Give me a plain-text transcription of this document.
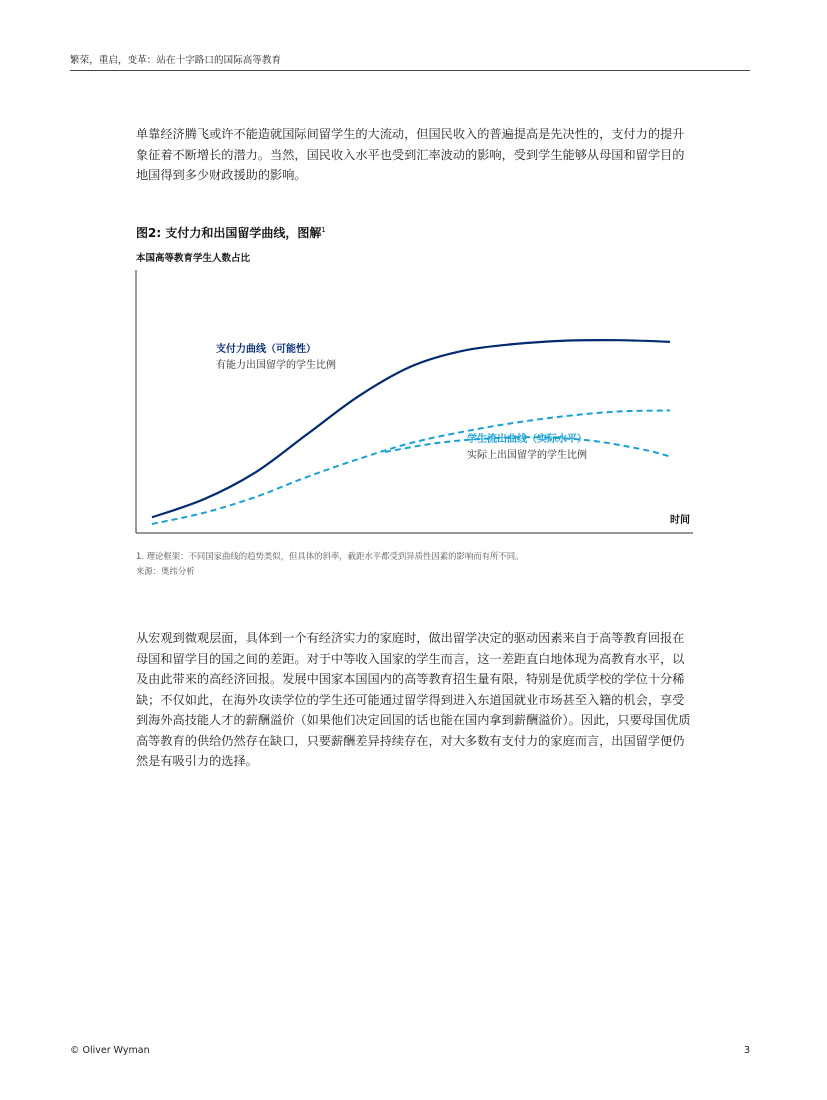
繁荣，重启，变革：站在十字路口的国际高等教育

单靠经济腾飞或许不能造就国际间留学生的大流动，但国民收入的普遍提高是先决性的，支付力的提升象征着不断增长的潜力。当然，国民收入水平也受到汇率波动的影响，受到学生能够从母国和留学目的地国得到多少财政援助的影响。

图2: 支付力和出国留学曲线，图解$^1$
本国高等教育学生人数占比
支付力曲线（可能性）
有能力出国留学的学生比例
学生流出曲线（实际水平）
实际上出国留学的学生比例
时间
1. 理论框架：不同国家曲线的趋势类似，但具体的斜率，截距水平都受到异质性因素的影响而有所不同。
来源：奥纬分析

从宏观到微观层面，具体到一个有经济实力的家庭时，做出留学决定的驱动因素来自于高等教育回报在母国和留学目的国之间的差距。对于中等收入国家的学生而言，这一差距直白地体现为高教育水平，以及由此带来的高经济回报。发展中国家本国国内的高等教育招生量有限，特别是优质学校的学位十分稀缺；不仅如此，在海外攻读学位的学生还可能通过留学得到进入东道国就业市场甚至入籍的机会，享受到海外高技能人才的薪酬溢价（如果他们决定回国的话也能在国内拿到薪酬溢价）。因此，只要母国优质高等教育的供给仍然存在缺口，只要薪酬差异持续存在，对大多数有支付力的家庭而言，出国留学便仍然是有吸引力的选择。

© Oliver Wyman	3
